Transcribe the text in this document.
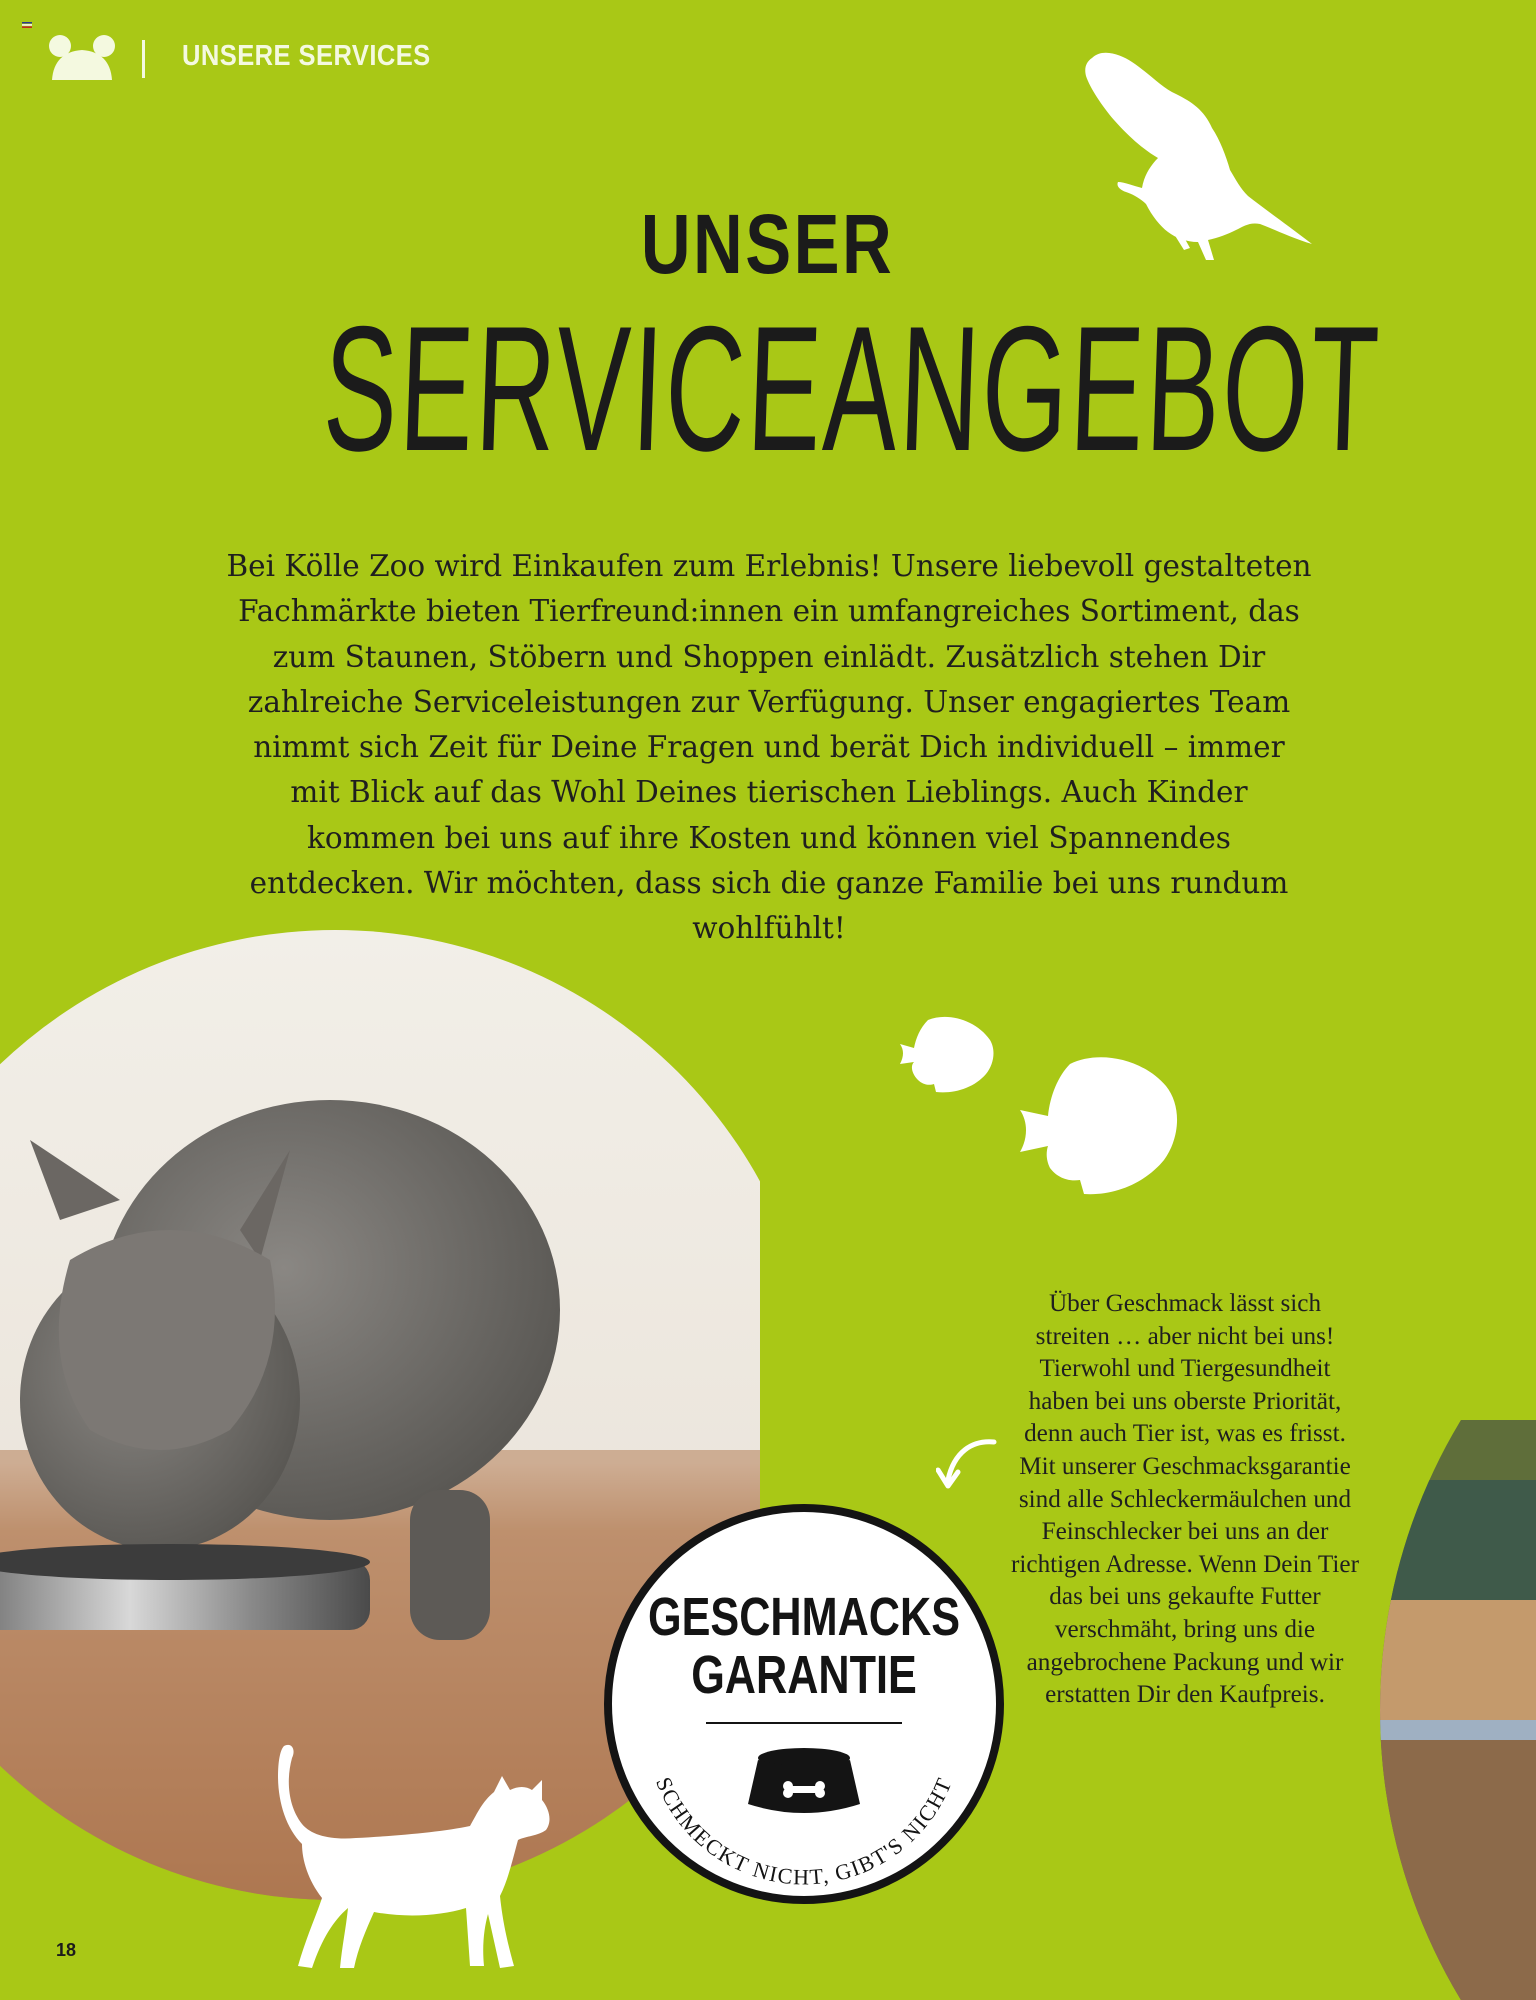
UNSERE SERVICES
UNSER
SERVICEANGEBOT
Bei Kölle Zoo wird Einkaufen zum Erlebnis! Unsere liebevoll gestalteten Fachmärkte bieten Tierfreund:innen ein umfangreiches Sortiment, das zum Staunen, Stöbern und Shoppen einlädt. Zusätzlich stehen Dir zahlreiche Serviceleistungen zur Verfügung. Unser engagiertes Team nimmt sich Zeit für Deine Fragen und berät Dich individuell – immer mit Blick auf das Wohl Deines tierischen Lieblings. Auch Kinder kommen bei uns auf ihre Kosten und können viel Spannendes entdecken. Wir möchten, dass sich die ganze Familie bei uns rundum wohlfühlt!
Über Geschmack lässt sich streiten … aber nicht bei uns! Tierwohl und Tiergesundheit haben bei uns oberste Priorität, denn auch Tier ist, was es frisst. Mit unserer Geschmacksgarantie sind alle Schleckermäulchen und Feinschlecker bei uns an der richtigen Adresse. Wenn Dein Tier das bei uns gekaufte Futter verschmäht, bring uns die angebrochene Packung und wir erstatten Dir den Kaufpreis.
GESCHMACKS
GARANTIE
SCHMECKT NICHT, GIBT'S NICHT
18
